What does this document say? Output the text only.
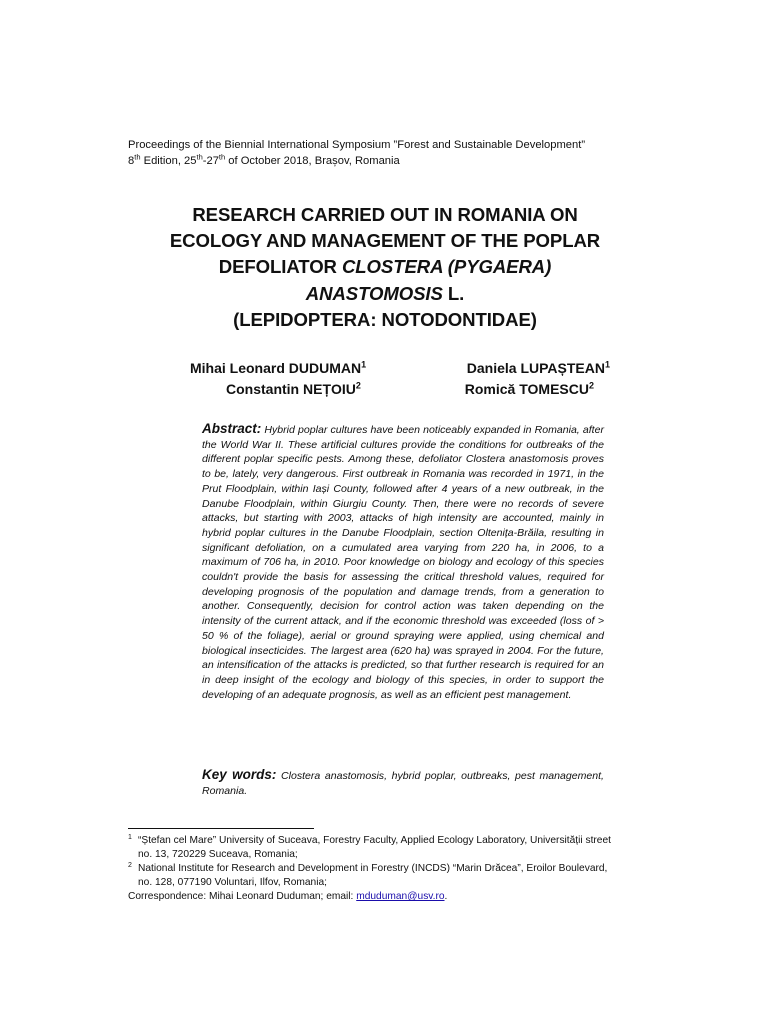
Proceedings of the Biennial International Symposium ”Forest and Sustainable Development”
8th Edition, 25th-27th of October 2018, Brașov, Romania
RESEARCH CARRIED OUT IN ROMANIA ON
ECOLOGY AND MANAGEMENT OF THE POPLAR
DEFOLIATOR CLOSTERA (PYGAERA)
ANASTOMOSIS L.
(LEPIDOPTERA: NOTODONTIDAE)
Mihai Leonard DUDUMAN$^1$	Daniela LUPAȘTEAN$^1$
Constantin NEȚOIU$^2$	Romică TOMESCU$^2$
Abstract: Hybrid poplar cultures have been noticeably expanded in Romania, after the World War II. These artificial cultures provide the conditions for outbreaks of the different poplar specific pests. Among these, defoliator Clostera anastomosis proves to be, lately, very dangerous. First outbreak in Romania was recorded in 1971, in the Prut Floodplain, within Iași County, followed after 4 years of a new outbreak, in the Danube Floodplain, within Giurgiu County. Then, there were no records of severe attacks, but starting with 2003, attacks of high intensity are accounted, mainly in hybrid poplar cultures in the Danube Floodplain, section Oltenița-Brăila, resulting in significant defoliation, on a cumulated area varying from 220 ha, in 2006, to a maximum of 706 ha, in 2010. Poor knowledge on biology and ecology of this species couldn't provide the basis for assessing the critical threshold values, required for developing prognosis of the population and damage trends, from a generation to another. Consequently, decision for control action was taken depending on the intensity of the current attack, and if the economic threshold was exceeded (loss of > 50 % of the foliage), aerial or ground spraying were applied, using chemical and biological insecticides. The largest area (620 ha) was sprayed in 2004. For the future, an intensification of the attacks is predicted, so that further research is required for an in deep insight of the ecology and biology of this species, in order to support the developing of an adequate prognosis, as well as an efficient pest management.
Key words: Clostera anastomosis, hybrid poplar, outbreaks, pest management, Romania.
1 “Ștefan cel Mare” University of Suceava, Forestry Faculty, Applied Ecology Laboratory, Universității street
no. 13, 720229 Suceava, Romania;
2 National Institute for Research and Development in Forestry (INCDS) “Marin Drăcea”, Eroilor Boulevard,
no. 128, 077190 Voluntari, Ilfov, Romania;
Correspondence: Mihai Leonard Duduman; email: mduduman@usv.ro.
